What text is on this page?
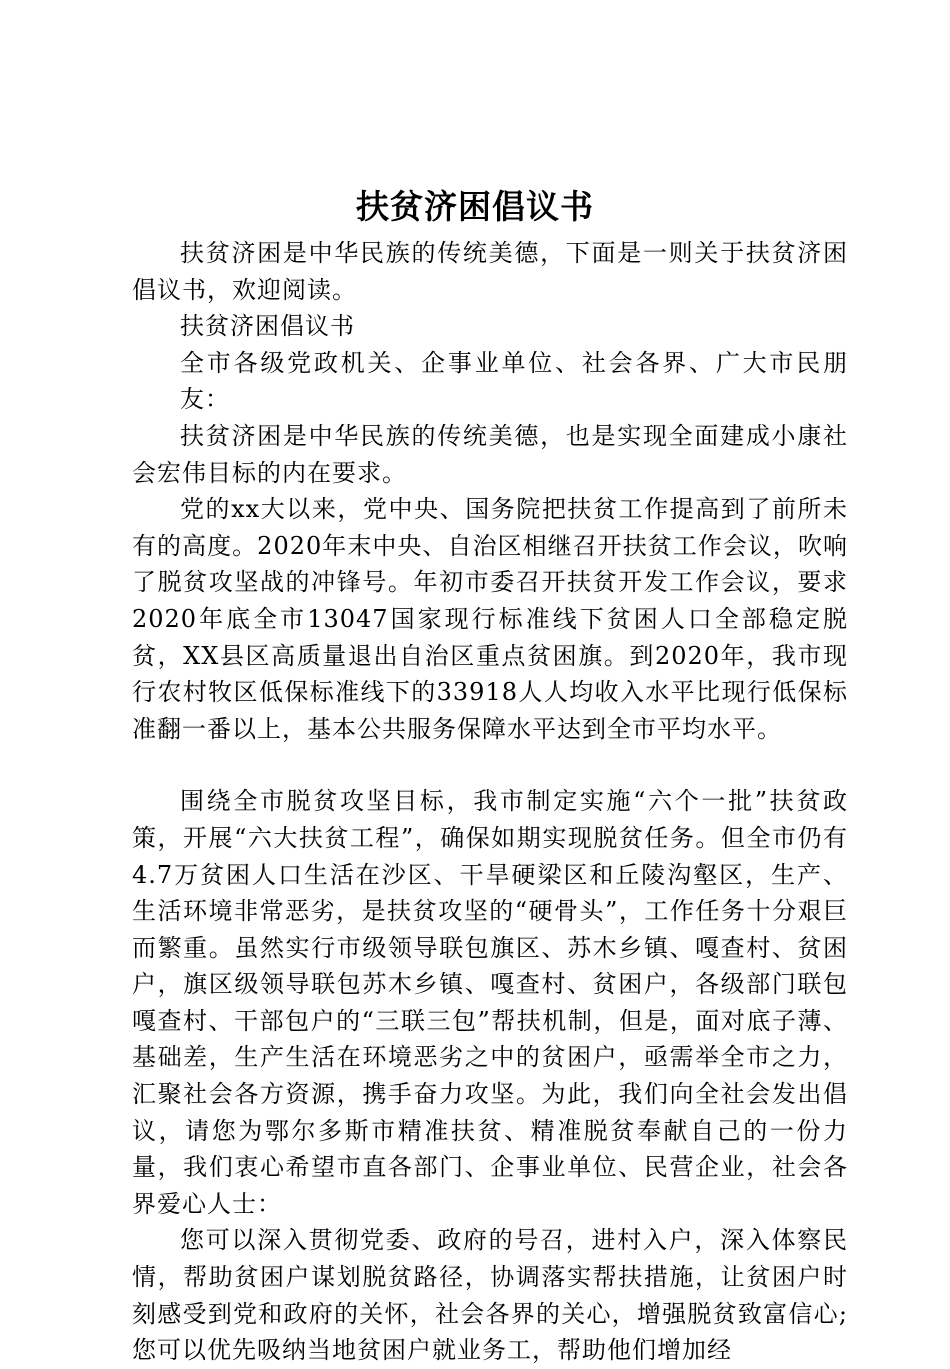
扶贫济困倡议书

扶贫济困是中华民族的传统美德，下面是一则关于扶贫济困倡议书，欢迎阅读。

扶贫济困倡议书

全市各级党政机关、企事业单位、社会各界、广大市民朋友：

扶贫济困是中华民族的传统美德，也是实现全面建成小康社会宏伟目标的内在要求。

党的xx大以来，党中央、国务院把扶贫工作提高到了前所未有的高度。2020年末中央、自治区相继召开扶贫工作会议，吹响了脱贫攻坚战的冲锋号。年初市委召开扶贫开发工作会议，要求2020年底全市13047国家现行标准线下贫困人口全部稳定脱贫，XX县区高质量退出自治区重点贫困旗。到2020年，我市现行农村牧区低保标准线下的33918人人均收入水平比现行低保标准翻一番以上，基本公共服务保障水平达到全市平均水平。

围绕全市脱贫攻坚目标，我市制定实施“六个一批”扶贫政策，开展“六大扶贫工程”，确保如期实现脱贫任务。但全市仍有4.7万贫困人口生活在沙区、干旱硬梁区和丘陵沟壑区，生产、生活环境非常恶劣，是扶贫攻坚的“硬骨头”，工作任务十分艰巨而繁重。虽然实行市级领导联包旗区、苏木乡镇、嘎查村、贫困户，旗区级领导联包苏木乡镇、嘎查村、贫困户，各级部门联包嘎查村、干部包户的“三联三包”帮扶机制，但是，面对底子薄、基础差，生产生活在环境恶劣之中的贫困户，亟需举全市之力，汇聚社会各方资源，携手奋力攻坚。为此，我们向全社会发出倡议，请您为鄂尔多斯市精准扶贫、精准脱贫奉献自己的一份力量，我们衷心希望市直各部门、企事业单位、民营企业，社会各界爱心人士：

您可以深入贯彻党委、政府的号召，进村入户，深入体察民情，帮助贫困户谋划脱贫路径，协调落实帮扶措施，让贫困户时刻感受到党和政府的关怀，社会各界的关心，增强脱贫致富信心;您可以优先吸纳当地贫困户就业务工，帮助他们增加经
